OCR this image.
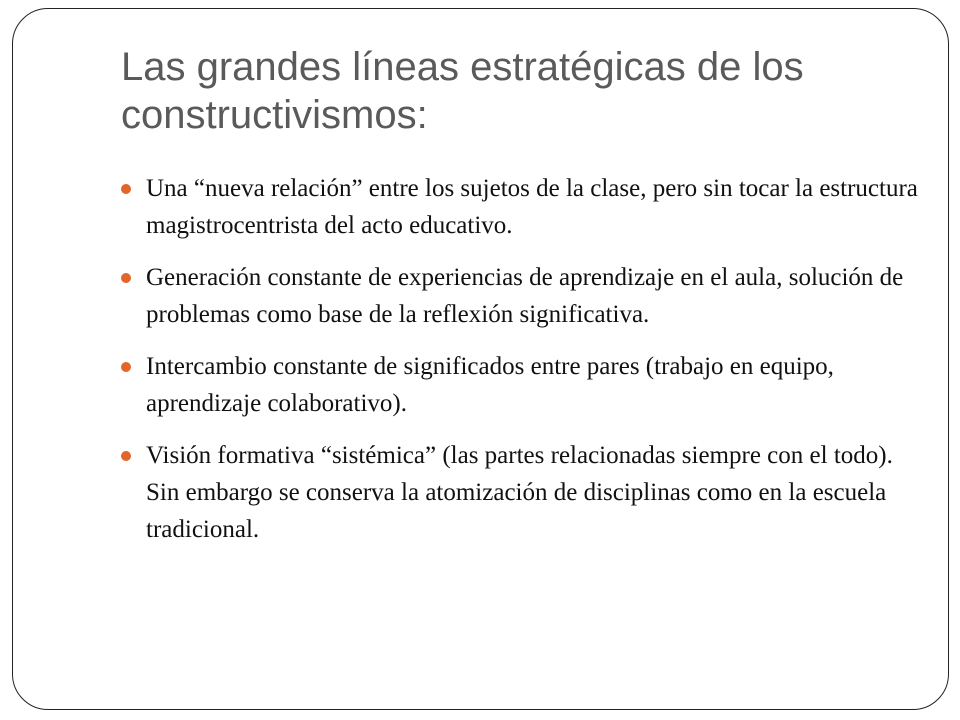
Las grandes líneas estratégicas de los constructivismos:
Una “nueva relación” entre los sujetos de la clase, pero sin tocar la estructura magistrocentrista del acto educativo.
Generación constante de experiencias de aprendizaje en el aula, solución de problemas como base de la reflexión significativa.
Intercambio constante de significados entre pares (trabajo en equipo, aprendizaje colaborativo).
Visión formativa “sistémica” (las partes relacionadas siempre con el todo). Sin embargo se conserva la atomización de disciplinas como en la escuela tradicional.
